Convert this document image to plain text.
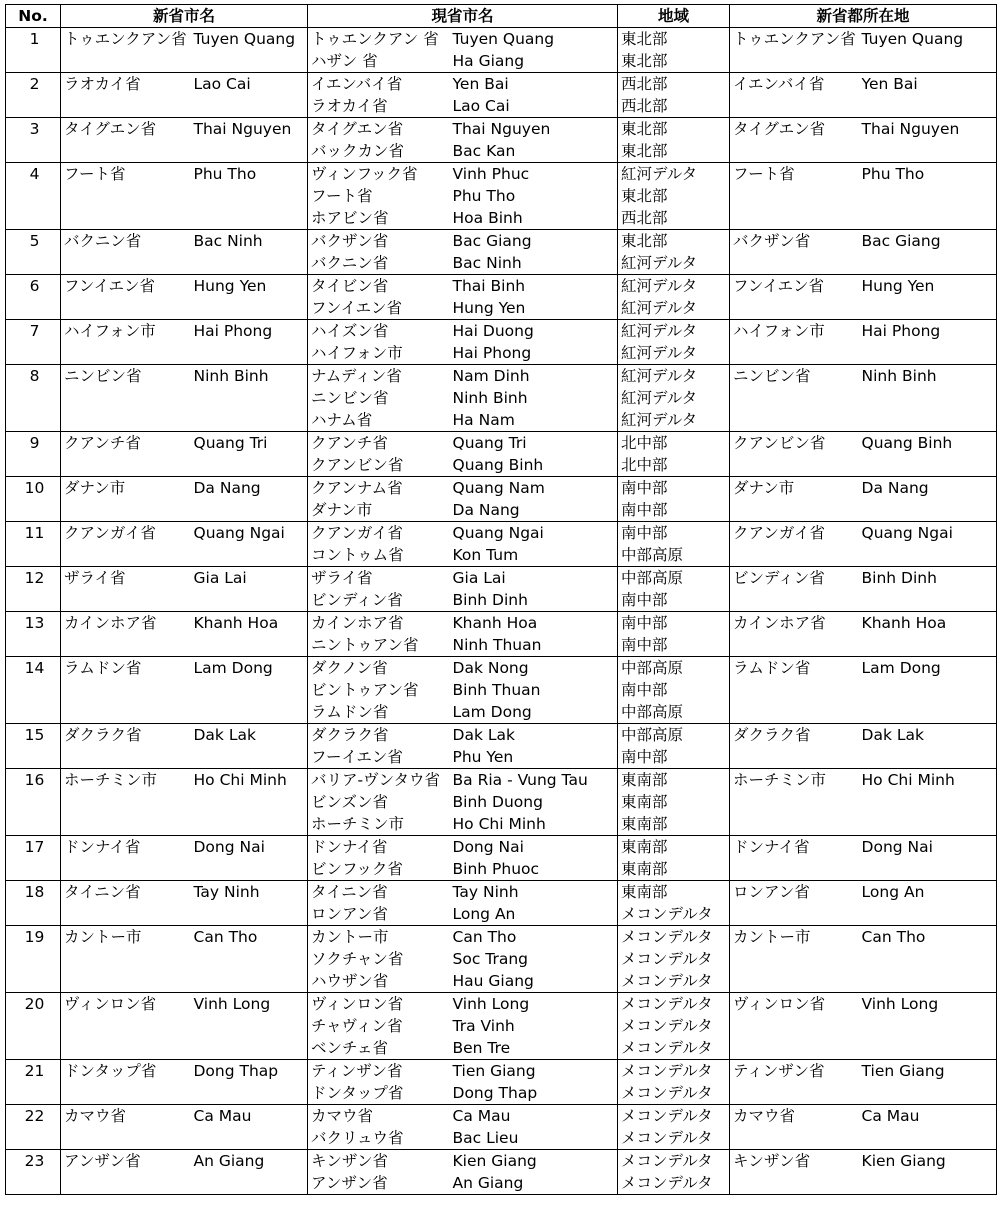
No.	新省市名		現省市名		地域	新省都所在地	
1	トゥエンクアン省	Tuyen Quang	トゥエンクアン 省	Tuyen Quang	東北部	トゥエンクアン省	Tuyen Quang
			ハザン 省	Ha Giang	東北部		
2	ラオカイ省	Lao Cai	イエンバイ省	Yen Bai	西北部	イエンバイ省	Yen Bai
			ラオカイ省	Lao Cai	西北部		
3	タイグエン省	Thai Nguyen	タイグエン省	Thai Nguyen	東北部	タイグエン省	Thai Nguyen
			バックカン省	Bac Kan	東北部		
4	フート省	Phu Tho	ヴィンフック省	Vinh Phuc	紅河デルタ	フート省	Phu Tho
			フート省	Phu Tho	東北部		
			ホアビン省	Hoa Binh	西北部		
5	バクニン省	Bac Ninh	バクザン省	Bac Giang	東北部	バクザン省	Bac Giang
			バクニン省	Bac Ninh	紅河デルタ		
6	フンイエン省	Hung Yen	タイビン省	Thai Binh	紅河デルタ	フンイエン省	Hung Yen
			フンイエン省	Hung Yen	紅河デルタ		
7	ハイフォン市	Hai Phong	ハイズン省	Hai Duong	紅河デルタ	ハイフォン市	Hai Phong
			ハイフォン市	Hai Phong	紅河デルタ		
8	ニンビン省	Ninh Binh	ナムディン省	Nam Dinh	紅河デルタ	ニンビン省	Ninh Binh
			ニンビン省	Ninh Binh	紅河デルタ		
			ハナム省	Ha Nam	紅河デルタ		
9	クアンチ省	Quang Tri	クアンチ省	Quang Tri	北中部	クアンビン省	Quang Binh
			クアンビン省	Quang Binh	北中部		
10	ダナン市	Da Nang	クアンナム省	Quang Nam	南中部	ダナン市	Da Nang
			ダナン市	Da Nang	南中部		
11	クアンガイ省	Quang Ngai	クアンガイ省	Quang Ngai	南中部	クアンガイ省	Quang Ngai
			コントゥム省	Kon Tum	中部高原		
12	ザライ省	Gia Lai	ザライ省	Gia Lai	中部高原	ビンディン省	Binh Dinh
			ビンディン省	Binh Dinh	南中部		
13	カインホア省	Khanh Hoa	カインホア省	Khanh Hoa	南中部	カインホア省	Khanh Hoa
			ニントゥアン省	Ninh Thuan	南中部		
14	ラムドン省	Lam Dong	ダクノン省	Dak Nong	中部高原	ラムドン省	Lam Dong
			ビントゥアン省	Binh Thuan	南中部		
			ラムドン省	Lam Dong	中部高原		
15	ダクラク省	Dak Lak	ダクラク省	Dak Lak	中部高原	ダクラク省	Dak Lak
			フーイエン省	Phu Yen	南中部		
16	ホーチミン市	Ho Chi Minh	バリア-ヴンタウ省	Ba Ria - Vung Tau	東南部	ホーチミン市	Ho Chi Minh
			ビンズン省	Binh Duong	東南部		
			ホーチミン市	Ho Chi Minh	東南部		
17	ドンナイ省	Dong Nai	ドンナイ省	Dong Nai	東南部	ドンナイ省	Dong Nai
			ビンフック省	Binh Phuoc	東南部		
18	タイニン省	Tay Ninh	タイニン省	Tay Ninh	東南部	ロンアン省	Long An
			ロンアン省	Long An	メコンデルタ		
19	カントー市	Can Tho	カントー市	Can Tho	メコンデルタ	カントー市	Can Tho
			ソクチャン省	Soc Trang	メコンデルタ		
			ハウザン省	Hau Giang	メコンデルタ		
20	ヴィンロン省	Vinh Long	ヴィンロン省	Vinh Long	メコンデルタ	ヴィンロン省	Vinh Long
			チャヴィン省	Tra Vinh	メコンデルタ		
			ベンチェ省	Ben Tre	メコンデルタ		
21	ドンタップ省	Dong Thap	ティンザン省	Tien Giang	メコンデルタ	ティンザン省	Tien Giang
			ドンタップ省	Dong Thap	メコンデルタ		
22	カマウ省	Ca Mau	カマウ省	Ca Mau	メコンデルタ	カマウ省	Ca Mau
			バクリュウ省	Bac Lieu	メコンデルタ		
23	アンザン省	An Giang	キンザン省	Kien Giang	メコンデルタ	キンザン省	Kien Giang
			アンザン省	An Giang	メコンデルタ		
